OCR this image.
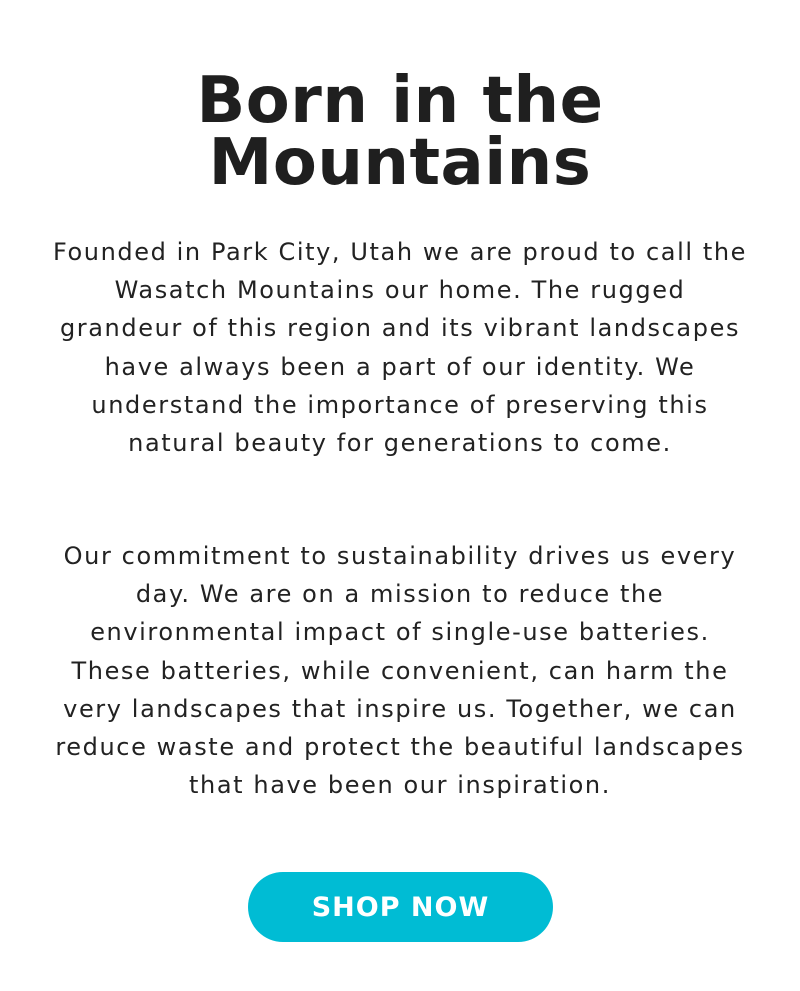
Born in the
Mountains

Founded in Park City, Utah we are proud to call the Wasatch Mountains our home. The rugged grandeur of this region and its vibrant landscapes have always been a part of our identity. We understand the importance of preserving this natural beauty for generations to come.

Our commitment to sustainability drives us every day. We are on a mission to reduce the environmental impact of single-use batteries. These batteries, while convenient, can harm the very landscapes that inspire us. Together, we can reduce waste and protect the beautiful landscapes that have been our inspiration.

SHOP NOW
